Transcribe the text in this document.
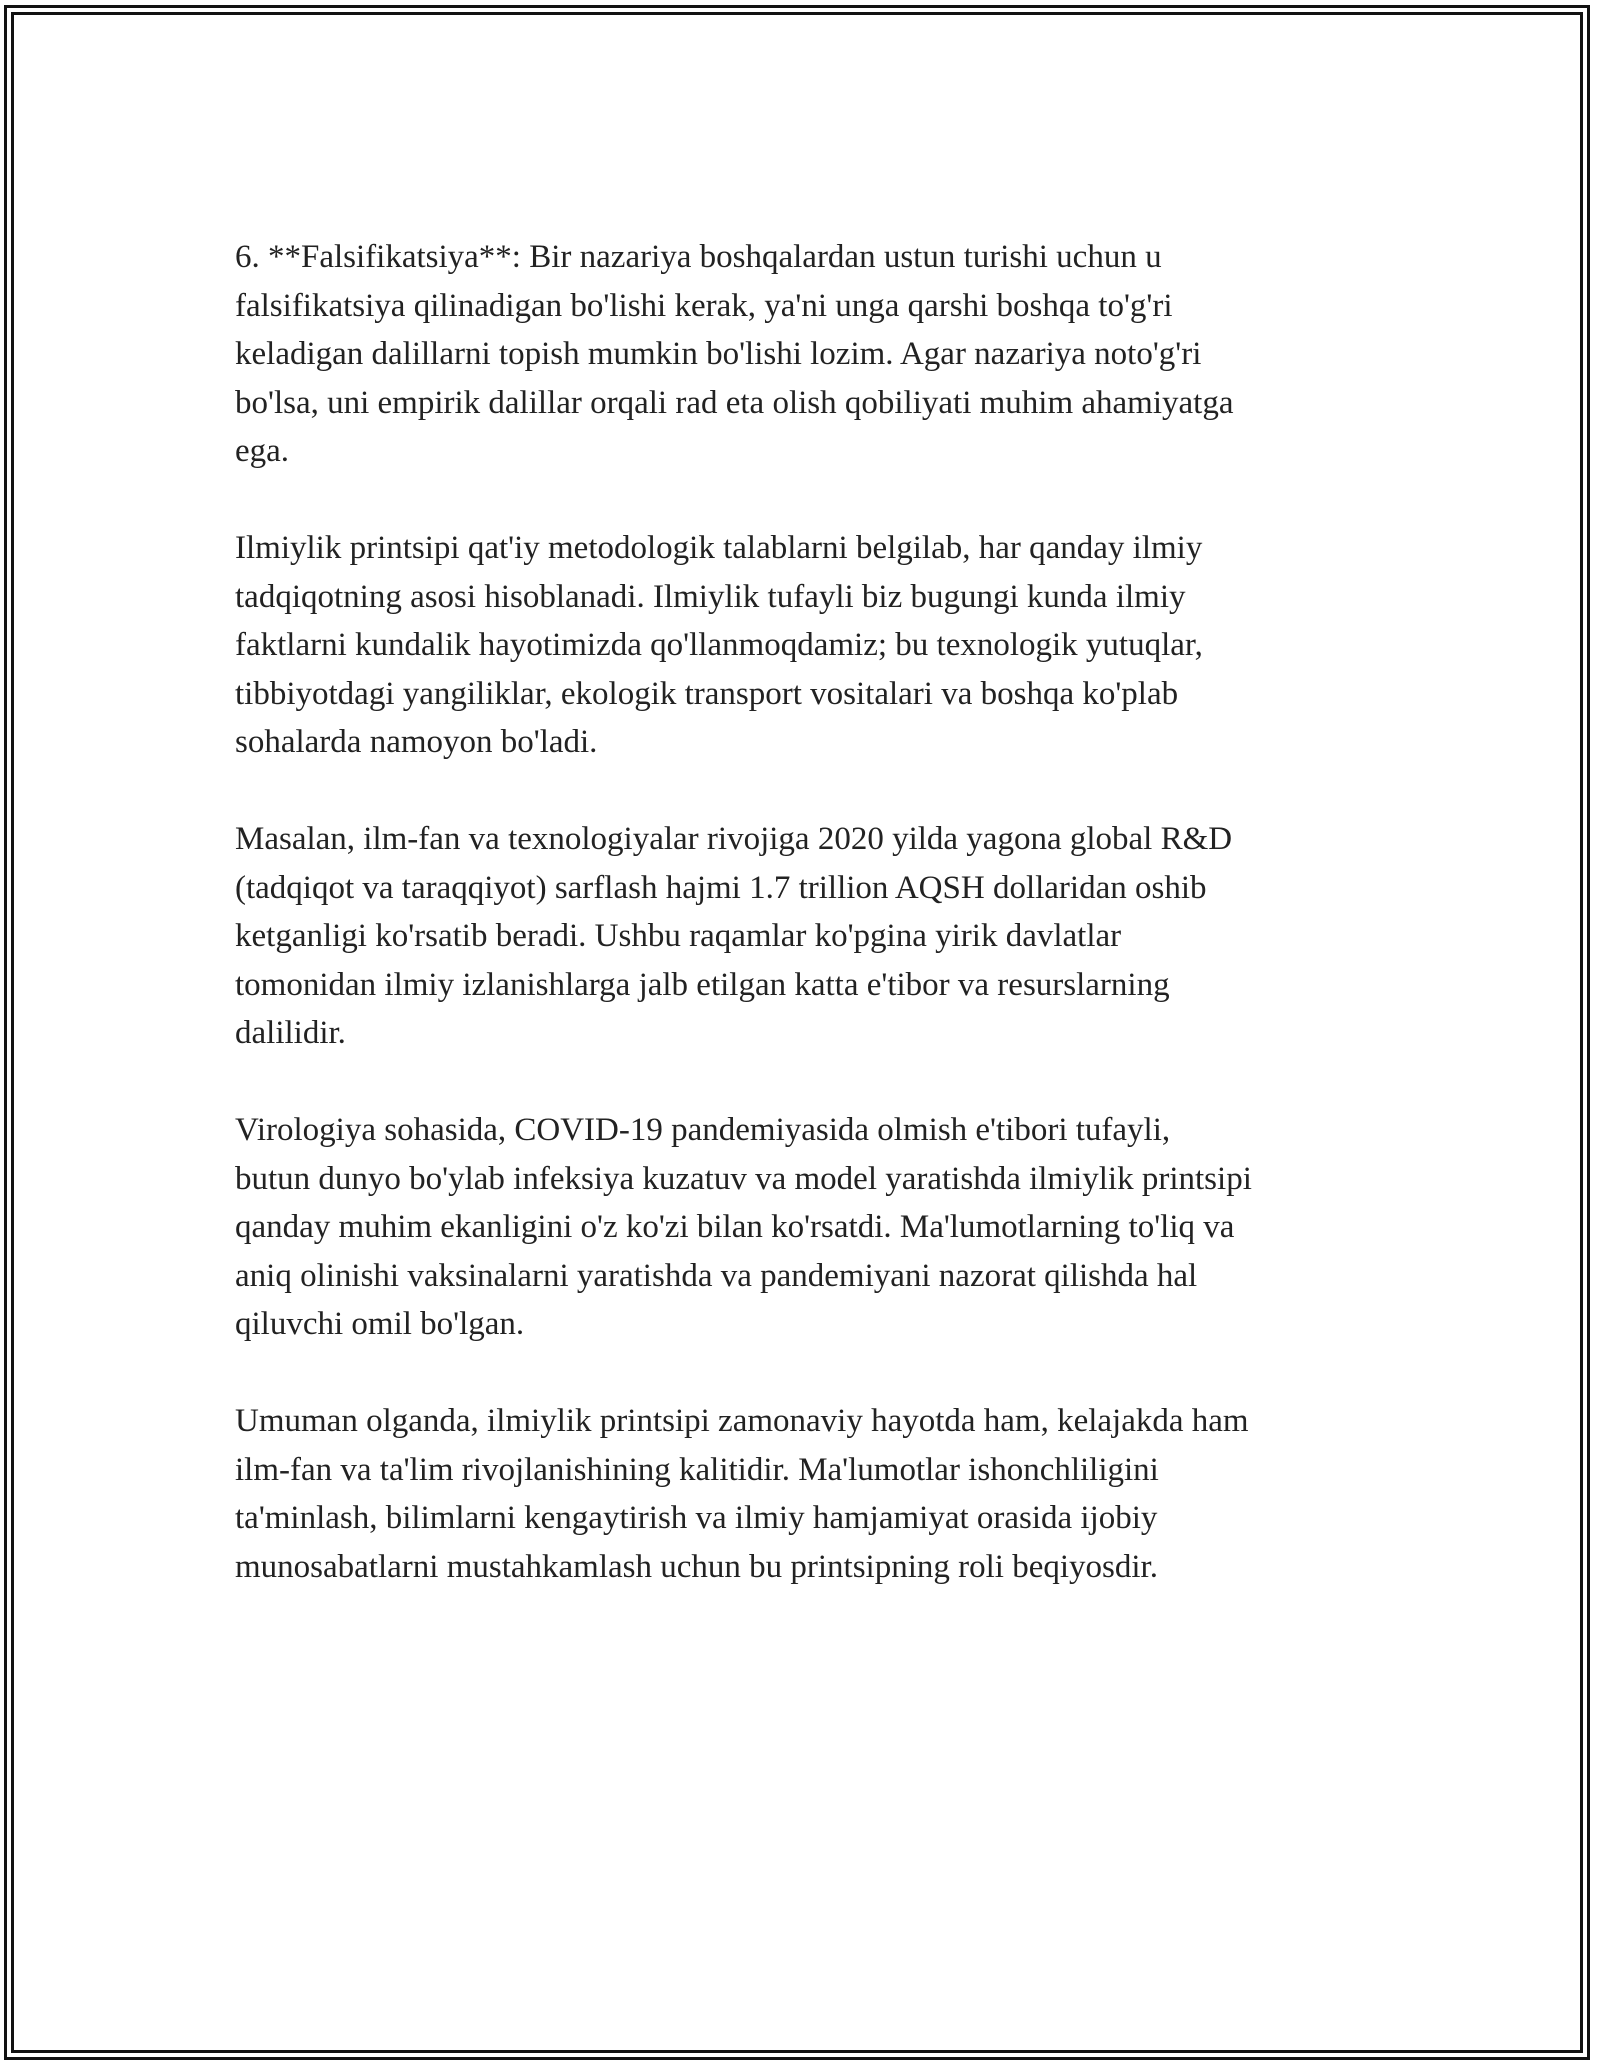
6. **Falsifikatsiya**: Bir nazariya boshqalardan ustun turishi uchun u
falsifikatsiya qilinadigan bo'lishi kerak, ya'ni unga qarshi boshqa to'g'ri
keladigan dalillarni topish mumkin bo'lishi lozim. Agar nazariya noto'g'ri
bo'lsa, uni empirik dalillar orqali rad eta olish qobiliyati muhim ahamiyatga
ega.

Ilmiylik printsipi qat'iy metodologik talablarni belgilab, har qanday ilmiy
tadqiqotning asosi hisoblanadi. Ilmiylik tufayli biz bugungi kunda ilmiy
faktlarni kundalik hayotimizda qo'llanmoqdamiz; bu texnologik yutuqlar,
tibbiyotdagi yangiliklar, ekologik transport vositalari va boshqa ko'plab
sohalarda namoyon bo'ladi.

Masalan, ilm-fan va texnologiyalar rivojiga 2020 yilda yagona global R&D
(tadqiqot va taraqqiyot) sarflash hajmi 1.7 trillion AQSH dollaridan oshib
ketganligi ko'rsatib beradi. Ushbu raqamlar ko'pgina yirik davlatlar
tomonidan ilmiy izlanishlarga jalb etilgan katta e'tibor va resurslarning
dalilidir.

Virologiya sohasida, COVID-19 pandemiyasida olmish e'tibori tufayli,
butun dunyo bo'ylab infeksiya kuzatuv va model yaratishda ilmiylik printsipi
qanday muhim ekanligini o'z ko'zi bilan ko'rsatdi. Ma'lumotlarning to'liq va
aniq olinishi vaksinalarni yaratishda va pandemiyani nazorat qilishda hal
qiluvchi omil bo'lgan.

Umuman olganda, ilmiylik printsipi zamonaviy hayotda ham, kelajakda ham
ilm-fan va ta'lim rivojlanishining kalitidir. Ma'lumotlar ishonchliligini
ta'minlash, bilimlarni kengaytirish va ilmiy hamjamiyat orasida ijobiy
munosabatlarni mustahkamlash uchun bu printsipning roli beqiyosdir.
